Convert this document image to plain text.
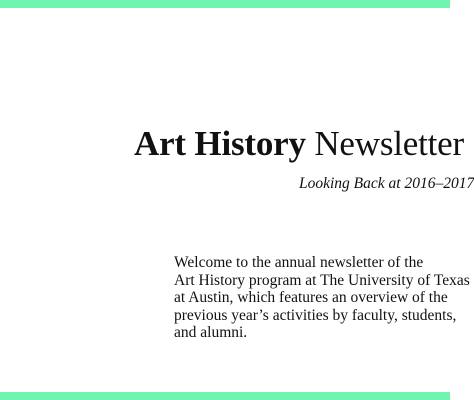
Art History Newsletter
Looking Back at 2016–2017

Welcome to the annual newsletter of the
Art History program at The University of Texas
at Austin, which features an overview of the
previous year’s activities by faculty, students,
and alumni.
